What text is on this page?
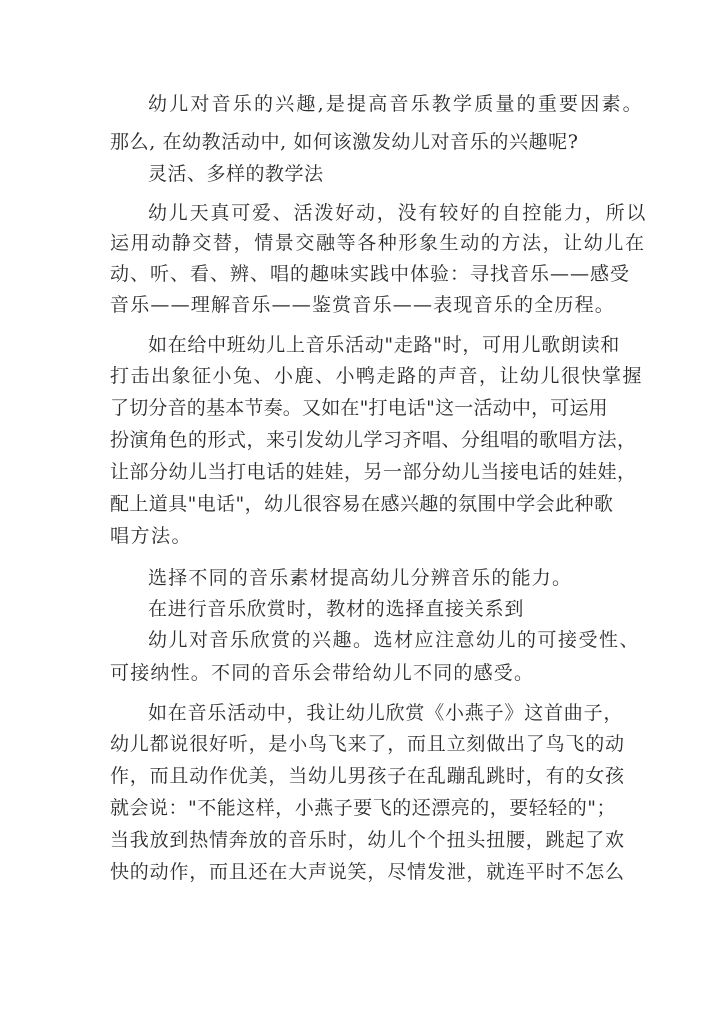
幼儿对音乐的兴趣,是提高音乐教学质量的重要因素。
那么, 在幼教活动中, 如何该激发幼儿对音乐的兴趣呢?
灵活、多样的教学法
幼儿天真可爱、活泼好动，没有较好的自控能力，所以
运用动静交替，情景交融等各种形象生动的方法，让幼儿在
动、听、看、辨、唱的趣味实践中体验：寻找音乐——感受
音乐——理解音乐——鉴赏音乐——表现音乐的全历程。
如在给中班幼儿上音乐活动"走路"时，可用儿歌朗读和
打击出象征小兔、小鹿、小鸭走路的声音，让幼儿很快掌握
了切分音的基本节奏。又如在"打电话"这一活动中，可运用
扮演角色的形式，来引发幼儿学习齐唱、分组唱的歌唱方法，
让部分幼儿当打电话的娃娃，另一部分幼儿当接电话的娃娃，
配上道具"电话"，幼儿很容易在感兴趣的氛围中学会此种歌
唱方法。
选择不同的音乐素材提高幼儿分辨音乐的能力。
在进行音乐欣赏时，教材的选择直接关系到
幼儿对音乐欣赏的兴趣。选材应注意幼儿的可接受性、
可接纳性。不同的音乐会带给幼儿不同的感受。
如在音乐活动中，我让幼儿欣赏《小燕子》这首曲子，
幼儿都说很好听，是小鸟飞来了，而且立刻做出了鸟飞的动
作，而且动作优美，当幼儿男孩子在乱蹦乱跳时，有的女孩
就会说："不能这样，小燕子要飞的还漂亮的，要轻轻的"；
当我放到热情奔放的音乐时，幼儿个个扭头扭腰，跳起了欢
快的动作，而且还在大声说笑，尽情发泄，就连平时不怎么
